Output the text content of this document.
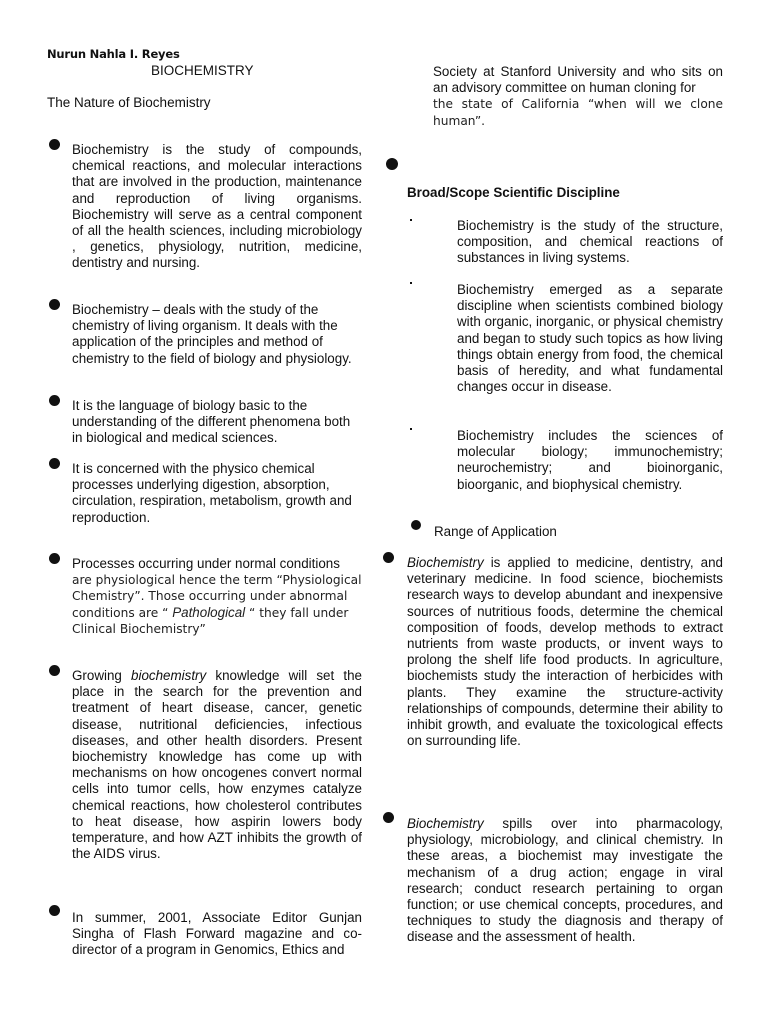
Nurun Nahla I. Reyes
BIOCHEMISTRY
The Nature of Biochemistry

Biochemistry is the study of compounds, chemical reactions, and molecular interactions that are involved in the production, maintenance and reproduction of living organisms. Biochemistry will serve as a central component of all the health sciences, including microbiology , genetics, physiology, nutrition, medicine, dentistry and nursing.

Biochemistry – deals with the study of the chemistry of living organism. It deals with the application of the principles and method of chemistry to the field of biology and physiology.

It is the language of biology basic to the understanding of the different phenomena both in biological and medical sciences.

It is concerned with the physico chemical processes underlying digestion, absorption, circulation, respiration, metabolism, growth and reproduction.

Processes occurring under normal conditions

are physiological hence the term “Physiological Chemistry”. Those occurring under abnormal conditions are “ Pathological “ they fall under Clinical Biochemistry”

Growing biochemistry knowledge will set the place in the search for the prevention and treatment of heart disease, cancer, genetic disease, nutritional deficiencies, infectious diseases, and other health disorders. Present biochemistry knowledge has come up with mechanisms on how oncogenes convert normal cells into tumor cells, how enzymes catalyze chemical reactions, how cholesterol contributes to heat disease, how aspirin lowers body temperature, and how AZT inhibits the growth of the AIDS virus.

In summer, 2001, Associate Editor Gunjan Singha of Flash Forward magazine and co-director of a program in Genomics, Ethics and

Society at Stanford University and who sits on an advisory committee on human cloning for

the state of California “when will we clone human”.

Broad/Scope Scientific Discipline

Biochemistry is the study of the structure, composition, and chemical reactions of substances in living systems.

Biochemistry emerged as a separate discipline when scientists combined biology with organic, inorganic, or physical chemistry and began to study such topics as how living things obtain energy from food, the chemical basis of heredity, and what fundamental changes occur in disease.

Biochemistry includes the sciences of molecular biology; immunochemistry; neurochemistry; and bioinorganic, bioorganic, and biophysical chemistry.

Range of Application

Biochemistry is applied to medicine, dentistry, and veterinary medicine. In food science, biochemists research ways to develop abundant and inexpensive sources of nutritious foods, determine the chemical composition of foods, develop methods to extract nutrients from waste products, or invent ways to prolong the shelf life food products. In agriculture, biochemists study the interaction of herbicides with plants. They examine the structure-activity relationships of compounds, determine their ability to inhibit growth, and evaluate the toxicological effects on surrounding life.

Biochemistry spills over into pharmacology, physiology, microbiology, and clinical chemistry. In these areas, a biochemist may investigate the mechanism of a drug action; engage in viral research; conduct research pertaining to organ function; or use chemical concepts, procedures, and techniques to study the diagnosis and therapy of disease and the assessment of health.
